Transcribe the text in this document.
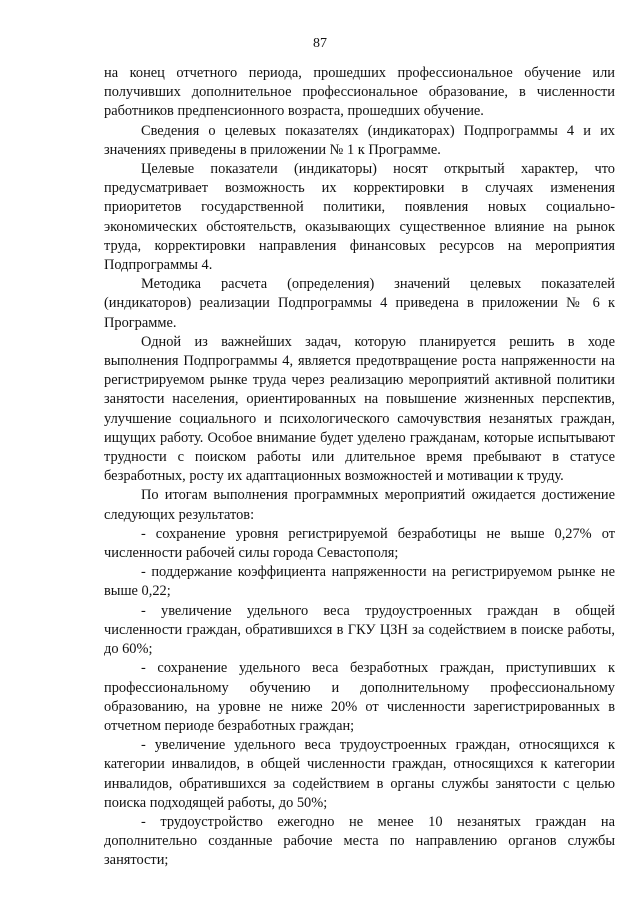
87

на конец отчетного периода, прошедших профессиональное обучение или получивших дополнительное профессиональное образование, в численности работников предпенсионного возраста, прошедших обучение.

Сведения о целевых показателях (индикаторах) Подпрограммы 4 и их значениях приведены в приложении № 1 к Программе.

Целевые показатели (индикаторы) носят открытый характер, что предусматривает возможность их корректировки в случаях изменения приоритетов государственной политики, появления новых социально-экономических обстоятельств, оказывающих существенное влияние на рынок труда, корректировки направления финансовых ресурсов на мероприятия Подпрограммы 4.

Методика расчета (определения) значений целевых показателей (индикаторов) реализации Подпрограммы 4 приведена в приложении № 6 к Программе.

Одной из важнейших задач, которую планируется решить в ходе выполнения Подпрограммы 4, является предотвращение роста напряженности на регистрируемом рынке труда через реализацию мероприятий активной политики занятости населения, ориентированных на повышение жизненных перспектив, улучшение социального и психологического самочувствия незанятых граждан, ищущих работу. Особое внимание будет уделено гражданам, которые испытывают трудности с поиском работы или длительное время пребывают в статусе безработных, росту их адаптационных возможностей и мотивации к труду.

По итогам выполнения программных мероприятий ожидается достижение следующих результатов:

- сохранение уровня регистрируемой безработицы не выше 0,27% от численности рабочей силы города Севастополя;

- поддержание коэффициента напряженности на регистрируемом рынке не выше 0,22;

- увеличение удельного веса трудоустроенных граждан в общей численности граждан, обратившихся в ГКУ ЦЗН за содействием в поиске работы, до 60%;

- сохранение удельного веса безработных граждан, приступивших к профессиональному обучению и дополнительному профессиональному образованию, на уровне не ниже 20% от численности зарегистрированных в отчетном периоде безработных граждан;

- увеличение удельного веса трудоустроенных граждан, относящихся к категории инвалидов, в общей численности граждан, относящихся к категории инвалидов, обратившихся за содействием в органы службы занятости с целью поиска подходящей работы, до 50%;

- трудоустройство ежегодно не менее 10 незанятых граждан на дополнительно созданные рабочие места по направлению органов службы занятости;
